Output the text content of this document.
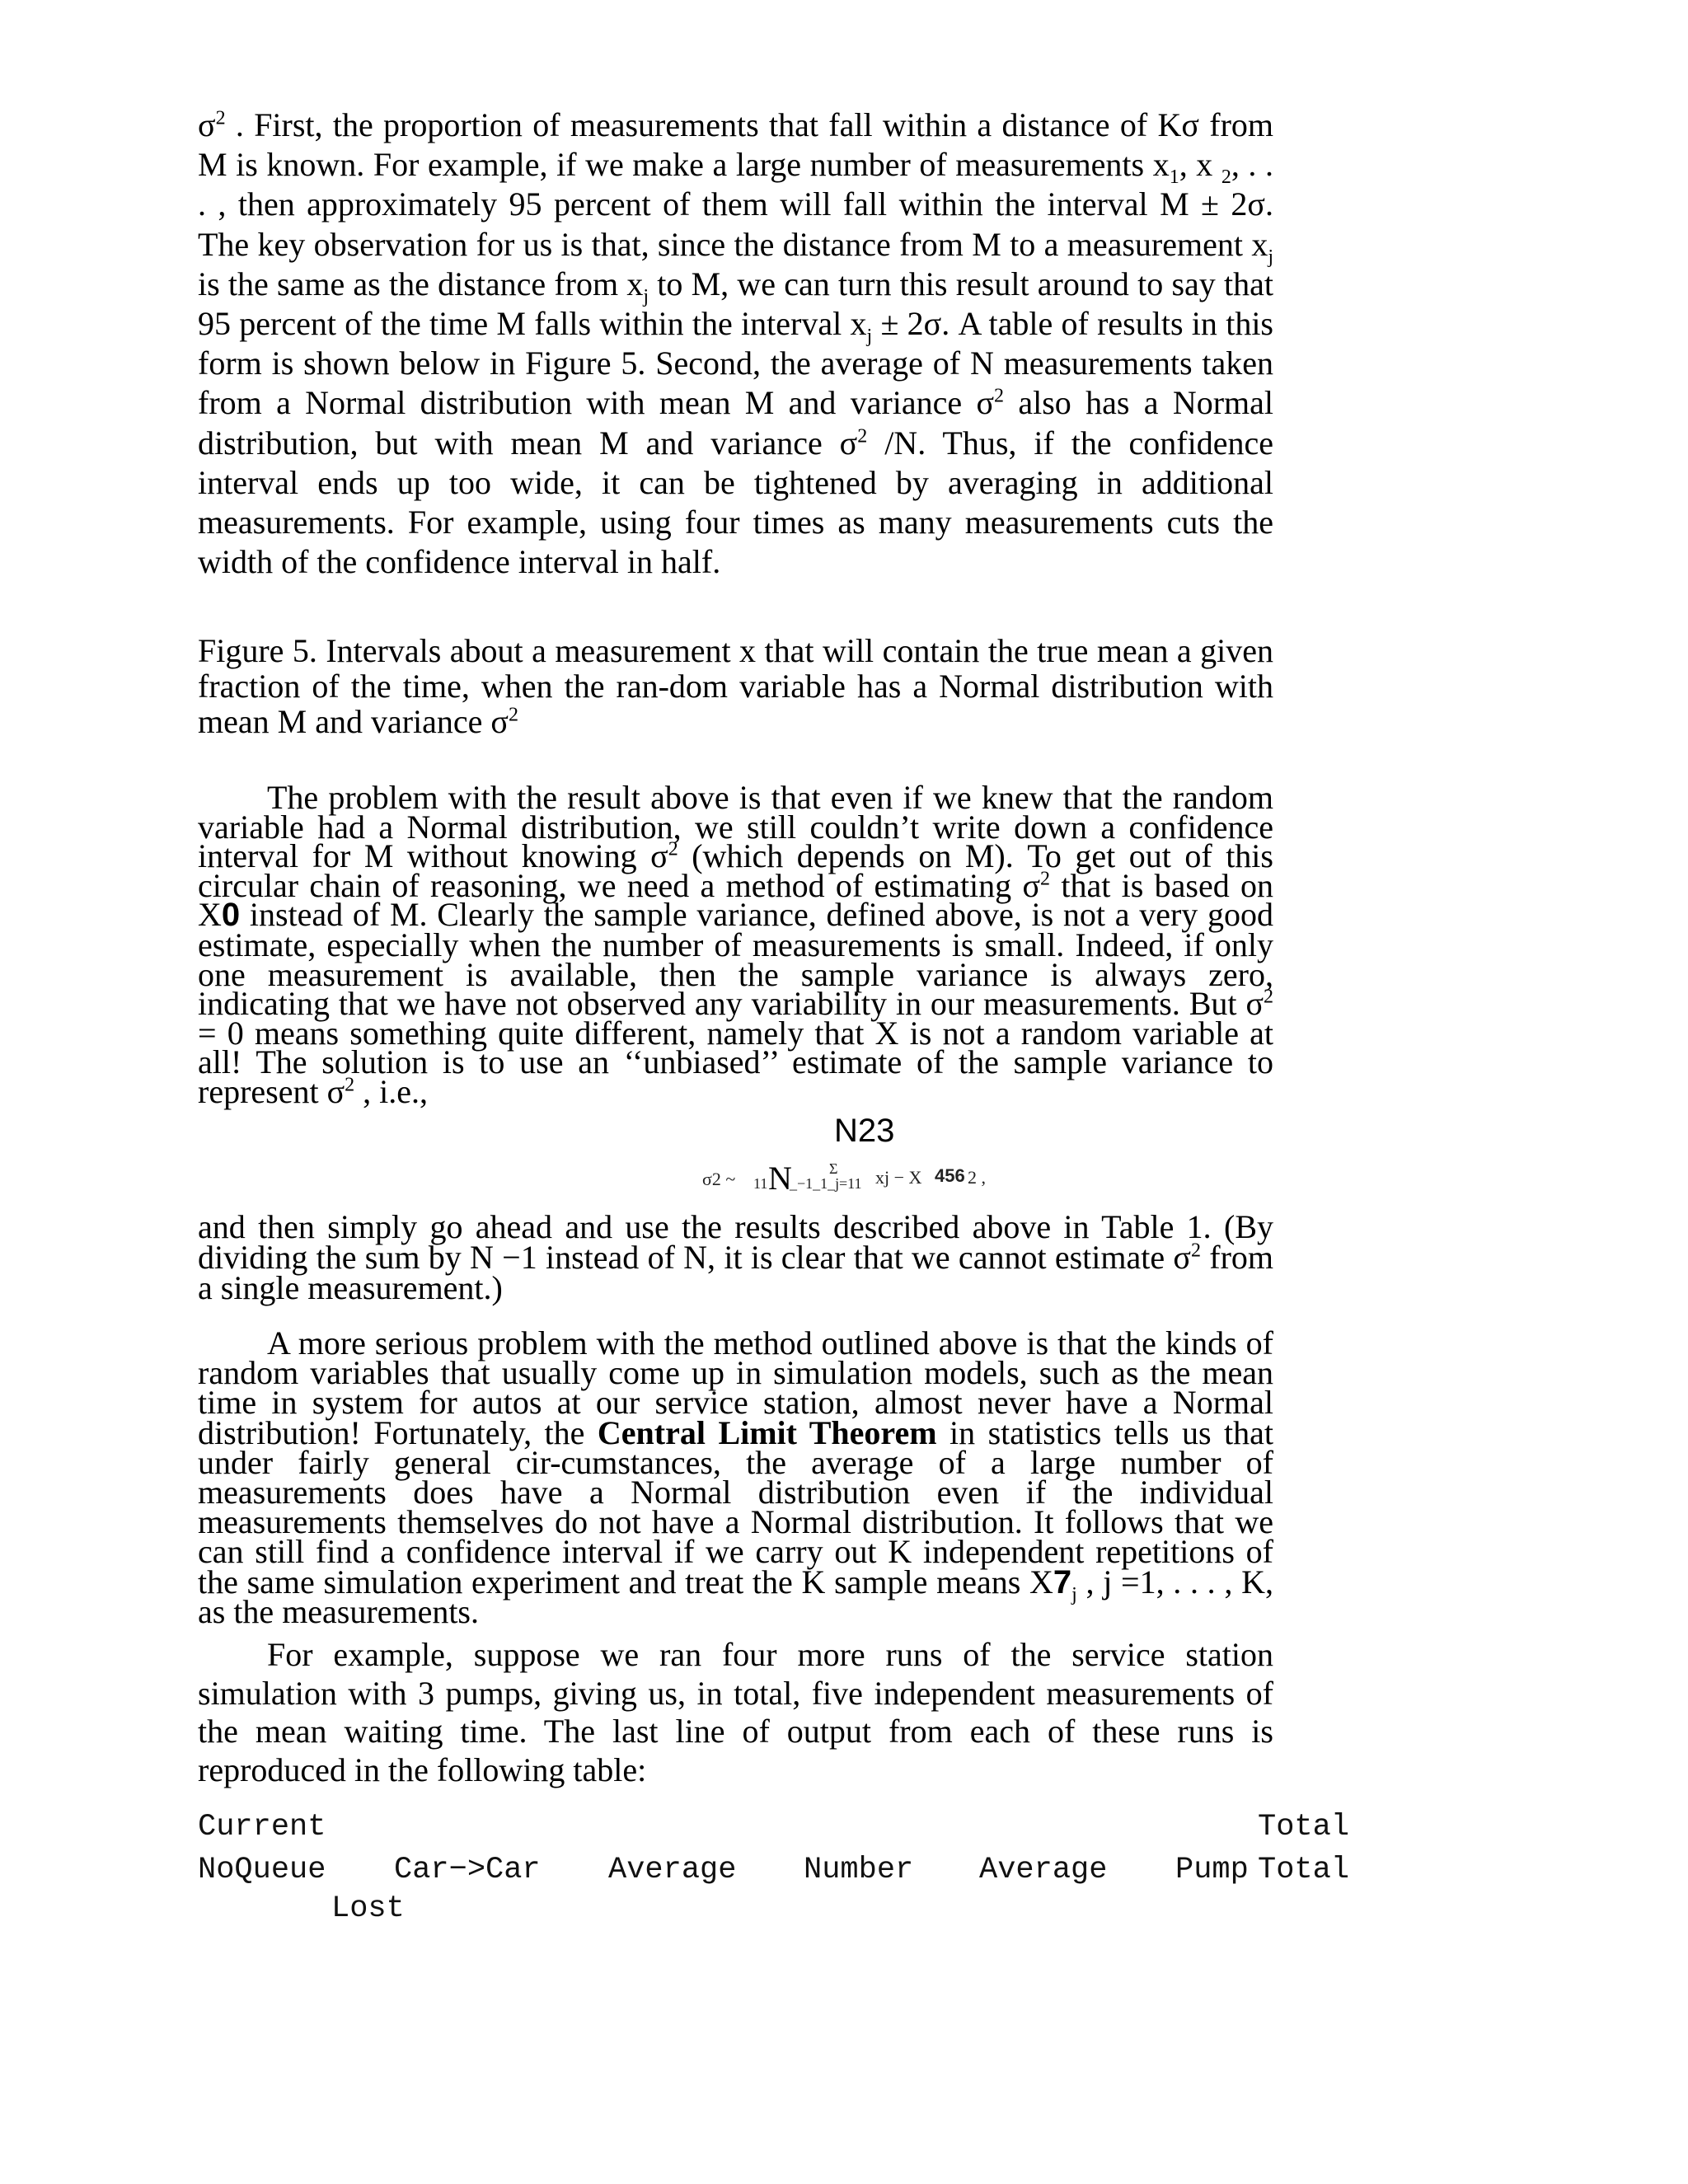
$\sigma^2$ . First, the proportion of measurements that fall within a distance of Kσ from M is known. For example, if we make a large number of measurements $x_1$, x $_2$, . . . , then approximately 95 percent of them will fall within the interval M ± 2σ. The key observation for us is that, since the distance from M to a measurement $x_j$ is the same as the distance from $x_j$ to M, we can turn this result around to say that 95 percent of the time M falls within the interval $x_j \pm 2\sigma$. A table of results in this form is shown below in Figure 5. Second, the average of N measurements taken from a Normal distribution with mean M and variance $\sigma^2$ also has a Normal distribution, but with mean M and variance $\sigma^2$ /N. Thus, if the confidence interval ends up too wide, it can be tightened by averaging in additional measurements. For example, using four times as many measurements cuts the width of the confidence interval in half.
Figure 5. Intervals about a measurement x that will contain the true mean a given fraction of the time, when the ran-dom variable has a Normal distribution with mean M and variance $\sigma^2$
The problem with the result above is that even if we knew that the random variable had a Normal distribution, we still couldn’t write down a confidence interval for M without knowing $\sigma^2$ (which depends on M). To get out of this circular chain of reasoning, we need a method of estimating $\sigma^2$ that is based on X0 instead of M. Clearly the sample variance, defined above, is not a very good estimate, especially when the number of measurements is small. Indeed, if only one measurement is available, then the sample variance is always zero, indicating that we have not observed any variability in our measurements. But $\sigma^2 = 0$ means something quite different, namely that X is not a random variable at all! The solution is to use an ‘‘unbiased’’ estimate of the sample variance to represent $\sigma^2$ , i.e.,
N23
σ2 ~ 11 N
_−1_1_j
Σ
=11 xj − X 456 2 ,
and then simply go ahead and use the results described above in Table 1. (By dividing the sum by N −1 instead of N, it is clear that we cannot estimate $\sigma^2$ from a single measurement.)
A more serious problem with the method outlined above is that the kinds of random variables that usually come up in simulation models, such as the mean time in system for autos at our service station, almost never have a Normal distribution! Fortunately, the Central Limit Theorem in statistics tells us that under fairly general cir-cumstances, the average of a large number of measurements does have a Normal distribution even if the individual measurements themselves do not have a Normal distribution. It follows that we can still find a confidence interval if we carry out K independent repetitions of the same simulation experiment and treat the K sample means $X7_j$ , j =1, . . . , K, as the measurements.
For example, suppose we ran four more runs of the service station simulation with 3 pumps, giving us, in total, five independent measurements of the mean waiting time. The last line of output from each of these runs is reproduced in the following table:
Current	Total
NoQueue Car−>Car Average Number Average Pump Total
Lost
